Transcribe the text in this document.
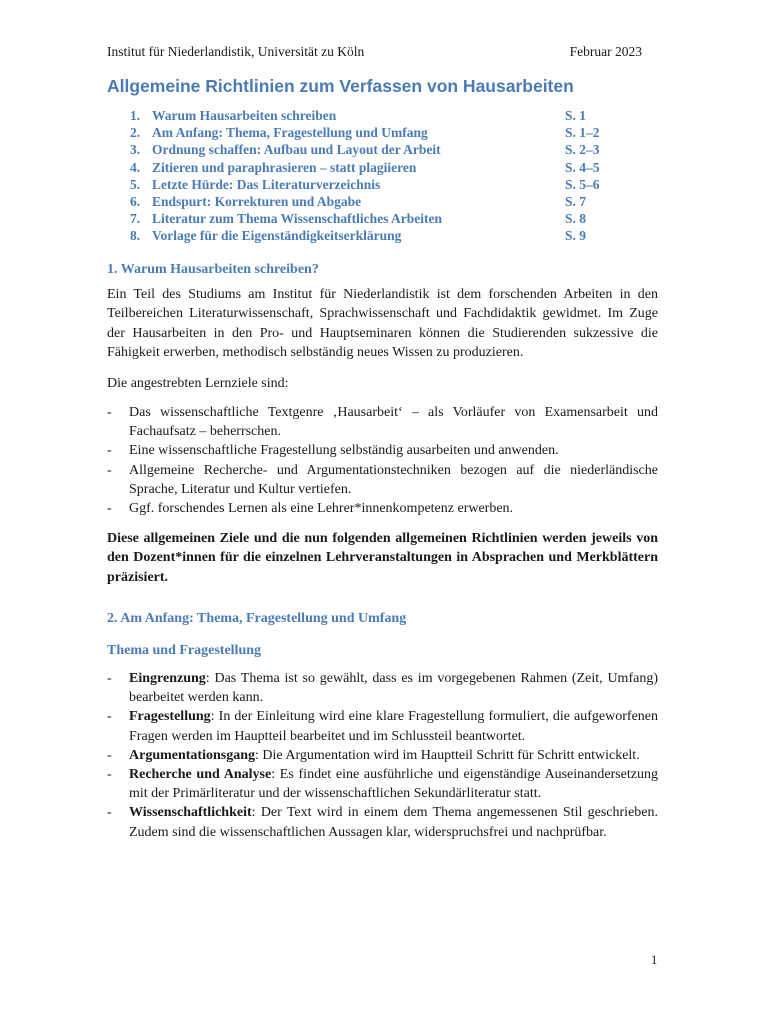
Institut für Niederlandistik, Universität zu Köln	Februar 2023
Allgemeine Richtlinien zum Verfassen von Hausarbeiten
1. Warum Hausarbeiten schreiben	S. 1
2. Am Anfang: Thema, Fragestellung und Umfang	S. 1–2
3. Ordnung schaffen: Aufbau und Layout der Arbeit	S. 2–3
4. Zitieren und paraphrasieren – statt plagiieren	S. 4–5
5. Letzte Hürde: Das Literaturverzeichnis	S. 5–6
6. Endspurt: Korrekturen und Abgabe	S. 7
7. Literatur zum Thema Wissenschaftliches Arbeiten	S. 8
8. Vorlage für die Eigenständigkeitserklärung	S. 9
1. Warum Hausarbeiten schreiben?

Ein Teil des Studiums am Institut für Niederlandistik ist dem forschenden Arbeiten in den Teilbereichen Literaturwissenschaft, Sprachwissenschaft und Fachdidaktik gewidmet. Im Zuge der Hausarbeiten in den Pro- und Hauptseminaren können die Studierenden sukzessive die Fähigkeit erwerben, methodisch selbständig neues Wissen zu produzieren.

Die angestrebten Lernziele sind:

- Das wissenschaftliche Textgenre ‚Hausarbeit‘ – als Vorläufer von Examensarbeit und Fachaufsatz – beherrschen.
- Eine wissenschaftliche Fragestellung selbständig ausarbeiten und anwenden.
- Allgemeine Recherche- und Argumentationstechniken bezogen auf die niederländische Sprache, Literatur und Kultur vertiefen.
- Ggf. forschendes Lernen als eine Lehrer*innenkompetenz erwerben.

Diese allgemeinen Ziele und die nun folgenden allgemeinen Richtlinien werden jeweils von den Dozent*innen für die einzelnen Lehrveranstaltungen in Absprachen und Merkblättern präzisiert.

2. Am Anfang: Thema, Fragestellung und Umfang
Thema und Fragestellung
- Eingrenzung: Das Thema ist so gewählt, dass es im vorgegebenen Rahmen (Zeit, Umfang) bearbeitet werden kann.
- Fragestellung: In der Einleitung wird eine klare Fragestellung formuliert, die aufgeworfenen Fragen werden im Hauptteil bearbeitet und im Schlussteil beantwortet.
- Argumentationsgang: Die Argumentation wird im Hauptteil Schritt für Schritt entwickelt.
- Recherche und Analyse: Es findet eine ausführliche und eigenständige Auseinandersetzung mit der Primärliteratur und der wissenschaftlichen Sekundärliteratur statt.
- Wissenschaftlichkeit: Der Text wird in einem dem Thema angemessenen Stil geschrieben. Zudem sind die wissenschaftlichen Aussagen klar, widerspruchsfrei und nachprüfbar.
1
